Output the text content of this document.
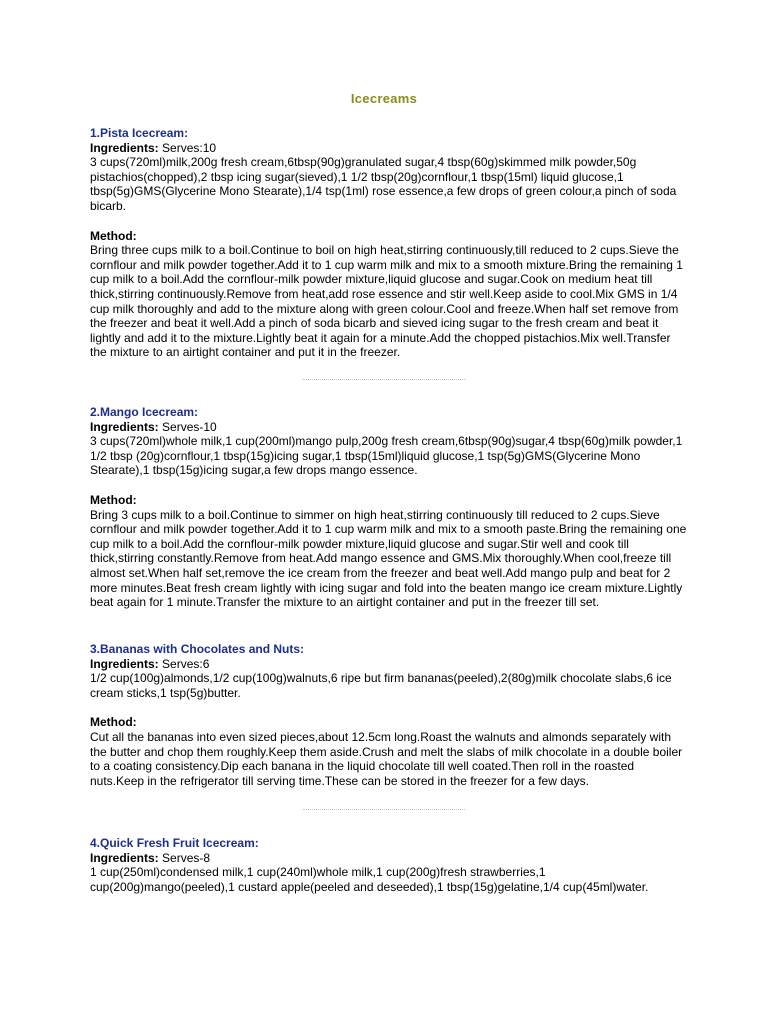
Icecreams
1.Pista Icecream:
Ingredients: Serves:10
3 cups(720ml)milk,200g fresh cream,6tbsp(90g)granulated sugar,4 tbsp(60g)skimmed milk powder,50g pistachios(chopped),2 tbsp icing sugar(sieved),1 1/2 tbsp(20g)cornflour,1 tbsp(15ml) liquid glucose,1 tbsp(5g)GMS(Glycerine Mono Stearate),1/4 tsp(1ml) rose essence,a few drops of green colour,a pinch of soda bicarb.
Method:
Bring three cups milk to a boil.Continue to boil on high heat,stirring continuously,till reduced to 2 cups.Sieve the cornflour and milk powder together.Add it to 1 cup warm milk and mix to a smooth mixture.Bring the remaining 1 cup milk to a boil.Add the cornflour-milk powder mixture,liquid glucose and sugar.Cook on medium heat till thick,stirring continuously.Remove from heat,add rose essence and stir well.Keep aside to cool.Mix GMS in 1/4 cup milk thoroughly and add to the mixture along with green colour.Cool and freeze.When half set remove from the freezer and beat it well.Add a pinch of soda bicarb and sieved icing sugar to the fresh cream and beat it lightly and add it to the mixture.Lightly beat it again for a minute.Add the chopped pistachios.Mix well.Transfer the mixture to an airtight container and put it in the freezer.
2.Mango Icecream:
Ingredients: Serves-10
3 cups(720ml)whole milk,1 cup(200ml)mango pulp,200g fresh cream,6tbsp(90g)sugar,4 tbsp(60g)milk powder,1 1/2 tbsp (20g)cornflour,1 tbsp(15g)icing sugar,1 tbsp(15ml)liquid glucose,1 tsp(5g)GMS(Glycerine Mono Stearate),1 tbsp(15g)icing sugar,a few drops mango essence.
Method:
Bring 3 cups milk to a boil.Continue to simmer on high heat,stirring continuously till reduced to 2 cups.Sieve cornflour and milk powder together.Add it to 1 cup warm milk and mix to a smooth paste.Bring the remaining one cup milk to a boil.Add the cornflour-milk powder mixture,liquid glucose and sugar.Stir well and cook till thick,stirring constantly.Remove from heat.Add mango essence and GMS.Mix thoroughly.When cool,freeze till almost set.When half set,remove the ice cream from the freezer and beat well.Add mango pulp and beat for 2 more minutes.Beat fresh cream lightly with icing sugar and fold into the beaten mango ice cream mixture.Lightly beat again for 1 minute.Transfer the mixture to an airtight container and put in the freezer till set.
3.Bananas with Chocolates and Nuts:
Ingredients: Serves:6
1/2 cup(100g)almonds,1/2 cup(100g)walnuts,6 ripe but firm bananas(peeled),2(80g)milk chocolate slabs,6 ice cream sticks,1 tsp(5g)butter.
Method:
Cut all the bananas into even sized pieces,about 12.5cm long.Roast the walnuts and almonds separately with the butter and chop them roughly.Keep them aside.Crush and melt the slabs of milk chocolate in a double boiler to a coating consistency.Dip each banana in the liquid chocolate till well coated.Then roll in the roasted nuts.Keep in the refrigerator till serving time.These can be stored in the freezer for a few days.
4.Quick Fresh Fruit Icecream:
Ingredients: Serves-8
1 cup(250ml)condensed milk,1 cup(240ml)whole milk,1 cup(200g)fresh strawberries,1 cup(200g)mango(peeled),1 custard apple(peeled and deseeded),1 tbsp(15g)gelatine,1/4 cup(45ml)water.
